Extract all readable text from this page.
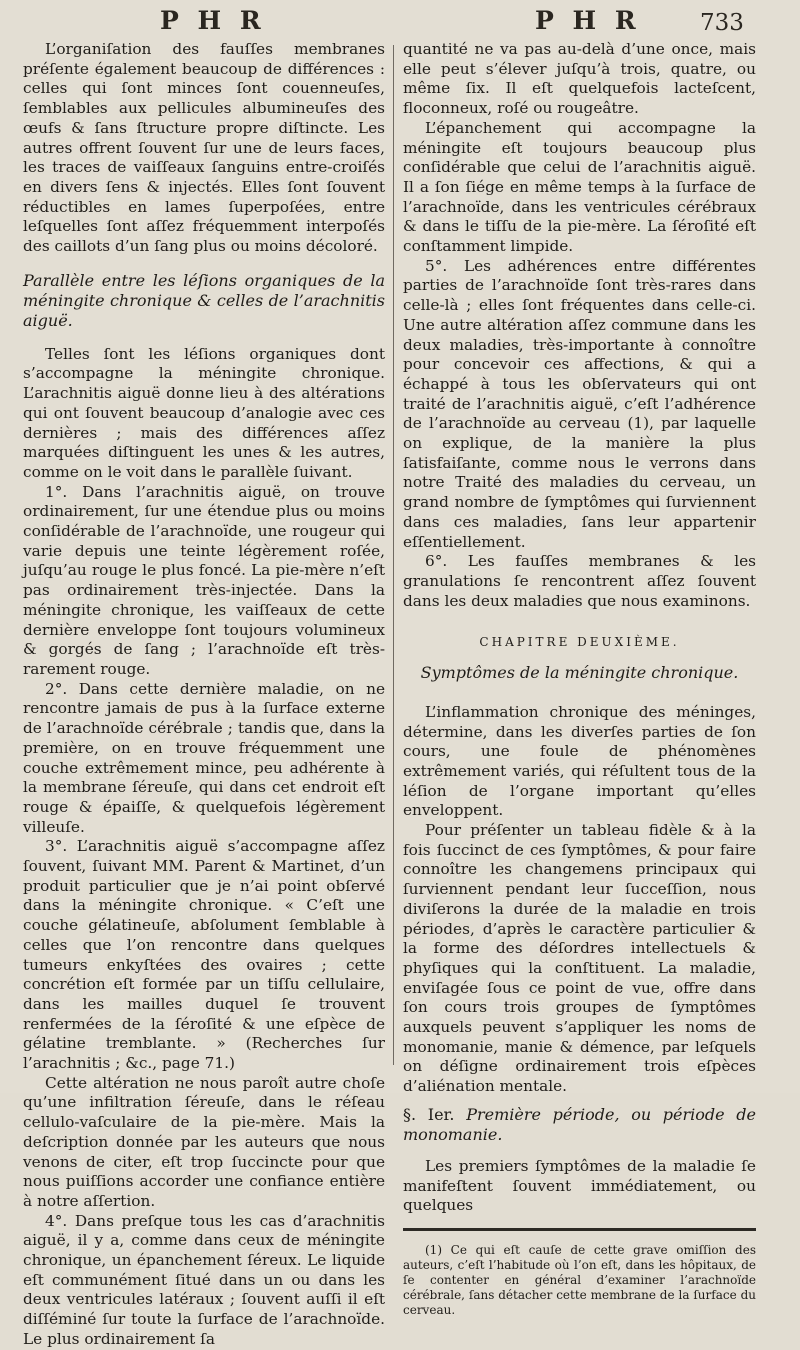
P H R	P H R	733

L’organiſation des fauſſes membranes préſente également beaucoup de différences : celles qui ſont minces ſont couenneuſes, ſemblables aux pellicules albumineuſes des œufs & ſans ſtructure propre diſtincte. Les autres offrent ſouvent ſur une de leurs faces, les traces de vaiſſeaux ſanguins entre-croiſés en divers ſens & injectés. Elles ſont ſouvent réductibles en lames ſuperpoſées, entre leſquelles ſont aſſez fréquemment interpoſés des caillots d’un ſang plus ou moins décoloré.

Parallèle entre les léſions organiques de la méningite chronique & celles de l’arachnitis aiguë.

Telles ſont les léſions organiques dont s’accompagne la méningite chronique. L’arachnitis aiguë donne lieu à des altérations qui ont ſouvent beaucoup d’analogie avec ces dernières ; mais des différences aſſez marquées diſtinguent les unes & les autres, comme on le voit dans le parallèle ſuivant.

1°. Dans l’arachnitis aiguë, on trouve ordinairement, ſur une étendue plus ou moins conſidérable de l’arachnoïde, une rougeur qui varie depuis une teinte légèrement roſée, juſqu’au rouge le plus foncé. La pie-mère n’eſt pas ordinairement très-injectée. Dans la méningite chronique, les vaiſſeaux de cette dernière enveloppe ſont toujours volumineux & gorgés de ſang ; l’arachnoïde eſt très-rarement rouge.

2°. Dans cette dernière maladie, on ne rencontre jamais de pus à la ſurface externe de l’arachnoïde cérébrale ; tandis que, dans la première, on en trouve fréquemment une couche extrêmement mince, peu adhérente à la membrane ſéreuſe, qui dans cet endroit eſt rouge & épaiſſe, & quelquefois légèrement villeuſe.

3°. L’arachnitis aiguë s’accompagne aſſez ſouvent, ſuivant MM. Parent & Martinet, d’un produit particulier que je n’ai point obſervé dans la méningite chronique. « C’eſt une couche gélatineuſe, abſolument ſemblable à celles que l’on rencontre dans quelques tumeurs enkyſtées des ovaires ; cette concrétion eſt formée par un tiſſu cellulaire, dans les mailles duquel ſe trouvent renfermées de la ſéroſité & une eſpèce de gélatine tremblante. » (Recherches ſur l’arachnitis ; &c., page 71.)

Cette altération ne nous paroît autre choſe qu’une infiltration ſéreuſe, dans le réſeau cellulo-vaſculaire de la pie-mère. Mais la deſcription donnée par les auteurs que nous venons de citer, eſt trop ſuccincte pour que nous puiſſions accorder une confiance entière à notre aſſertion.

4°. Dans preſque tous les cas d’arachnitis aiguë, il y a, comme dans ceux de méningite chronique, un épanchement ſéreux. Le liquide eſt communément ſitué dans un ou dans les deux ventricules latéraux ; ſouvent auſſi il eſt diſſéminé ſur toute la ſurface de l’arachnoïde. Le plus ordinairement ſa

quantité ne va pas au-delà d’une once, mais elle peut s’élever juſqu’à trois, quatre, ou même ſix. Il eſt quelquefois lactеſcent, floconneux, roſé ou rougeâtre.

L’épanchement qui accompagne la méningite eſt toujours beaucoup plus conſidérable que celui de l’arachnitis aiguë. Il a ſon ſiége en même temps à la ſurface de l’arachnoïde, dans les ventricules cérébraux & dans le tiſſu de la pie-mère. La ſéroſité eſt conſtamment limpide.

5°. Les adhérences entre différentes parties de l’arachnoïde ſont très-rares dans celle-là ; elles ſont fréquentes dans celle-ci. Une autre altération aſſez commune dans les deux maladies, très-importante à connoître pour concevoir ces affections, & qui a échappé à tous les obſervateurs qui ont traité de l’arachnitis aiguë, c’eſt l’adhérence de l’arachnoïde au cerveau (1), par laquelle on explique, de la manière la plus ſatisfaiſante, comme nous le verrons dans notre Traité des maladies du cerveau, un grand nombre de ſymptômes qui ſurviennent dans ces maladies, ſans leur appartenir eſſentiellement.

6°. Les fauſſes membranes & les granulations ſe rencontrent aſſez ſouvent dans les deux maladies que nous examinons.

CHAPITRE DEUXIÈME.

Symptômes de la méningite chronique.

L’inflammation chronique des méninges, détermine, dans les diverſes parties de ſon cours, une foule de phénomènes extrêmement variés, qui réſultent tous de la léſion de l’organe important qu’elles enveloppent.

Pour préſenter un tableau fidèle & à la fois ſuccinct de ces ſymptômes, & pour faire connoître les changemens principaux qui ſurviennent pendant leur ſucceſſion, nous diviſerons la durée de la maladie en trois périodes, d’après le caractère particulier & la forme des déſordres intellectuels & phyſiques qui la conſtituent. La maladie, enviſagée ſous ce point de vue, offre dans ſon cours trois groupes de ſymptômes auxquels peuvent s’appliquer les noms de monomanie, manie & démence, par leſquels on déſigne ordinairement trois eſpèces d’aliénation mentale.

§. Ier. Première période, ou période de monomanie.

Les premiers ſymptômes de la maladie ſe manifeſtent ſouvent immédiatement, ou quelques

(1) Ce qui eſt cauſe de cette grave omiſſion des auteurs, c’eſt l’habitude où l’on eſt, dans les hôpitaux, de ſe contenter en général d’examiner l’arachnoïde cérébrale, ſans détacher cette membrane de la ſurface du cerveau.
